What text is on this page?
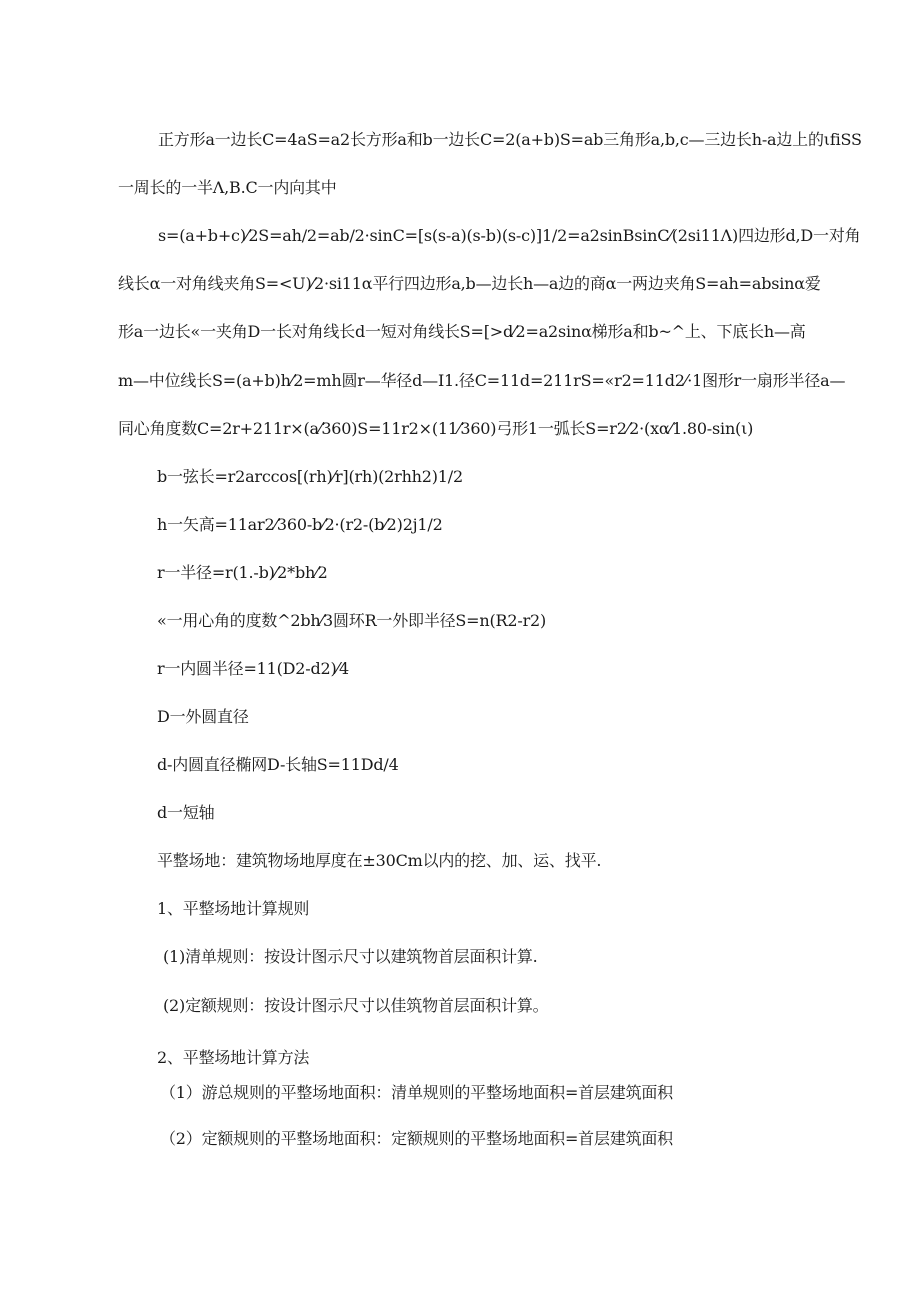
正方形a一边长C=4aS=a2长方形a和b一边长C=2(a+b)S=ab三角形a,b,c—三边长h-a边上的ιfiSS
一周长的一半Λ,B.C一内向其中
s=(a+b+c)⁄2S=ah/2=ab/2·sinC=[s(s-a)(s-b)(s-c)]1/2=a2sinBsinC⁄(2si11Λ)四边形d,D一对角
线长α一对角线夹角S=<U)⁄2·si11α平行四边形a,b—边长h—a边的商α一两边夹角S=ah=absinα爱
形a一边长«一夹角D一长对角线长d一短对角线长S=[>d⁄2=a2sinα梯形a和b~^上、下底长h—高
m—中位线长S=(a+b)h⁄2=mh圆r—华径d—I1.径C=11d=211rS=«r2=11d2⁄·1图形r一扇形半径a—
同心角度数C=2r+211r×(a⁄360)S=11r2×(11⁄360)弓形1一弧长S=r2⁄2·(xα⁄1.80-sin(ι)
b一弦长=r2arccos[(rh)⁄r](rh)(2rhh2)1/2
h一矢高=11ar2⁄360-b⁄2·(r2-(b⁄2)2j1/2
r一半径=r(1.-b)⁄2*bh⁄2
«一用心角的度数^2bh⁄3圆环R一外即半径S=n(R2-r2)
r一内圆半径=11(D2-d2)⁄4
D一外圆直径
d-内圆直径椭网D-长轴S=11Dd/4
d一短轴
平整场地：建筑物场地厚度在±30Cm以内的挖、加、运、找平.
1、平整场地计算规则
(1)清单规则：按设计图示尺寸以建筑物首层面积计算.
(2)定额规则：按设计图示尺寸以佳筑物首层面积计算。
2、平整场地计算方法
（1）游总规则的平整场地面积：清单规则的平整场地面积=首层建筑面积
（2）定额规则的平整场地面积：定额规则的平整场地面积=首层建筑面积
